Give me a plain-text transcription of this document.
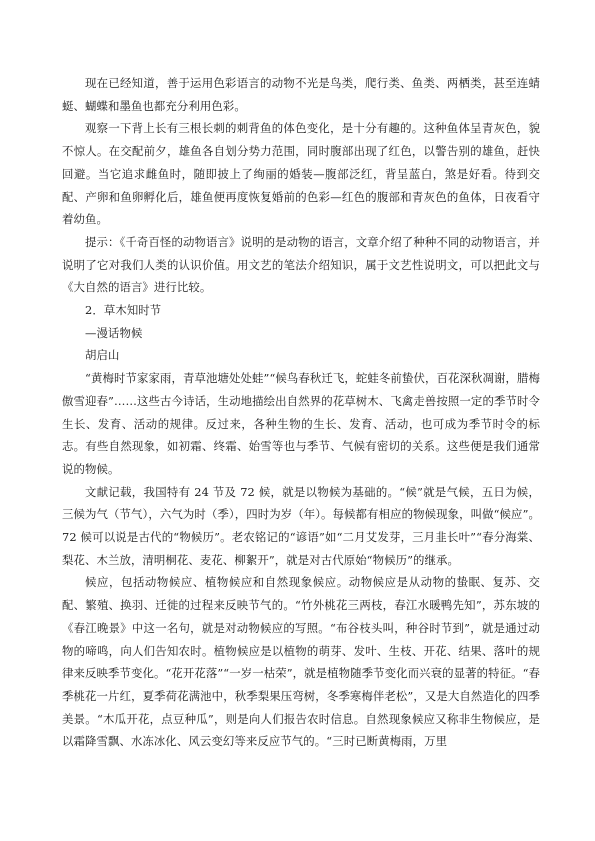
现在已经知道，善于运用色彩语言的动物不光是鸟类，爬行类、鱼类、两栖类，甚至连蜻蜓、蝴蝶和墨鱼也都充分利用色彩。

观察一下背上长有三根长刺的刺背鱼的体色变化，是十分有趣的。这种鱼体呈青灰色，貌不惊人。在交配前夕，雄鱼各自划分势力范围，同时腹部出现了红色，以警告别的雄鱼，赶快回避。当它追求雌鱼时，随即披上了绚丽的婚装—腹部泛红，背呈蓝白，煞是好看。待到交配、产卵和鱼卵孵化后，雄鱼便再度恢复婚前的色彩—红色的腹部和青灰色的鱼体，日夜看守着幼鱼。

提示：《千奇百怪的动物语言》说明的是动物的语言，文章介绍了种种不同的动物语言，并说明了它对我们人类的认识价值。用文艺的笔法介绍知识，属于文艺性说明文，可以把此文与《大自然的语言》进行比较。

2．草木知时节

—漫话物候

胡启山

“黄梅时节家家雨，青草池塘处处蛙”“候鸟春秋迁飞，蛇蛙冬前蛰伏，百花深秋凋谢，腊梅傲雪迎春”……这些古今诗话，生动地描绘出自然界的花草树木、飞禽走兽按照一定的季节时令生长、发育、活动的规律。反过来，各种生物的生长、发育、活动，也可成为季节时令的标志。有些自然现象，如初霜、终霜、始雪等也与季节、气候有密切的关系。这些便是我们通常说的物候。

文献记载，我国特有 24 节及 72 候，就是以物候为基础的。“候”就是气候，五日为候，三候为气（节气），六气为时（季），四时为岁（年）。每候都有相应的物候现象，叫做“候应”。72 候可以说是古代的“物候历”。老农铭记的“谚语”如“二月艾发芽，三月韭长叶”“春分海棠、梨花、木兰放，清明桐花、麦花、柳絮开”，就是对古代原始“物候历”的继承。

候应，包括动物候应、植物候应和自然现象候应。动物候应是从动物的蛰眠、复苏、交配、繁殖、换羽、迁徙的过程来反映节气的。“竹外桃花三两枝，春江水暖鸭先知”，苏东坡的《春江晚景》中这一名句，就是对动物候应的写照。“布谷枝头叫，种谷时节到”，就是通过动物的啼鸣，向人们告知农时。植物候应是以植物的萌芽、发叶、生枝、开花、结果、落叶的规律来反映季节变化。“花开花落”“一岁一枯荣”，就是植物随季节变化而兴衰的显著的特征。“春季桃花一片红，夏季荷花满池中，秋季梨果压弯树，冬季寒梅伴老松”，又是大自然造化的四季美景。“木瓜开花，点豆种瓜”，则是向人们报告农时信息。自然现象候应又称非生物候应，是以霜降雪飘、水冻冰化、风云变幻等来反应节气的。“三时已断黄梅雨，万里
